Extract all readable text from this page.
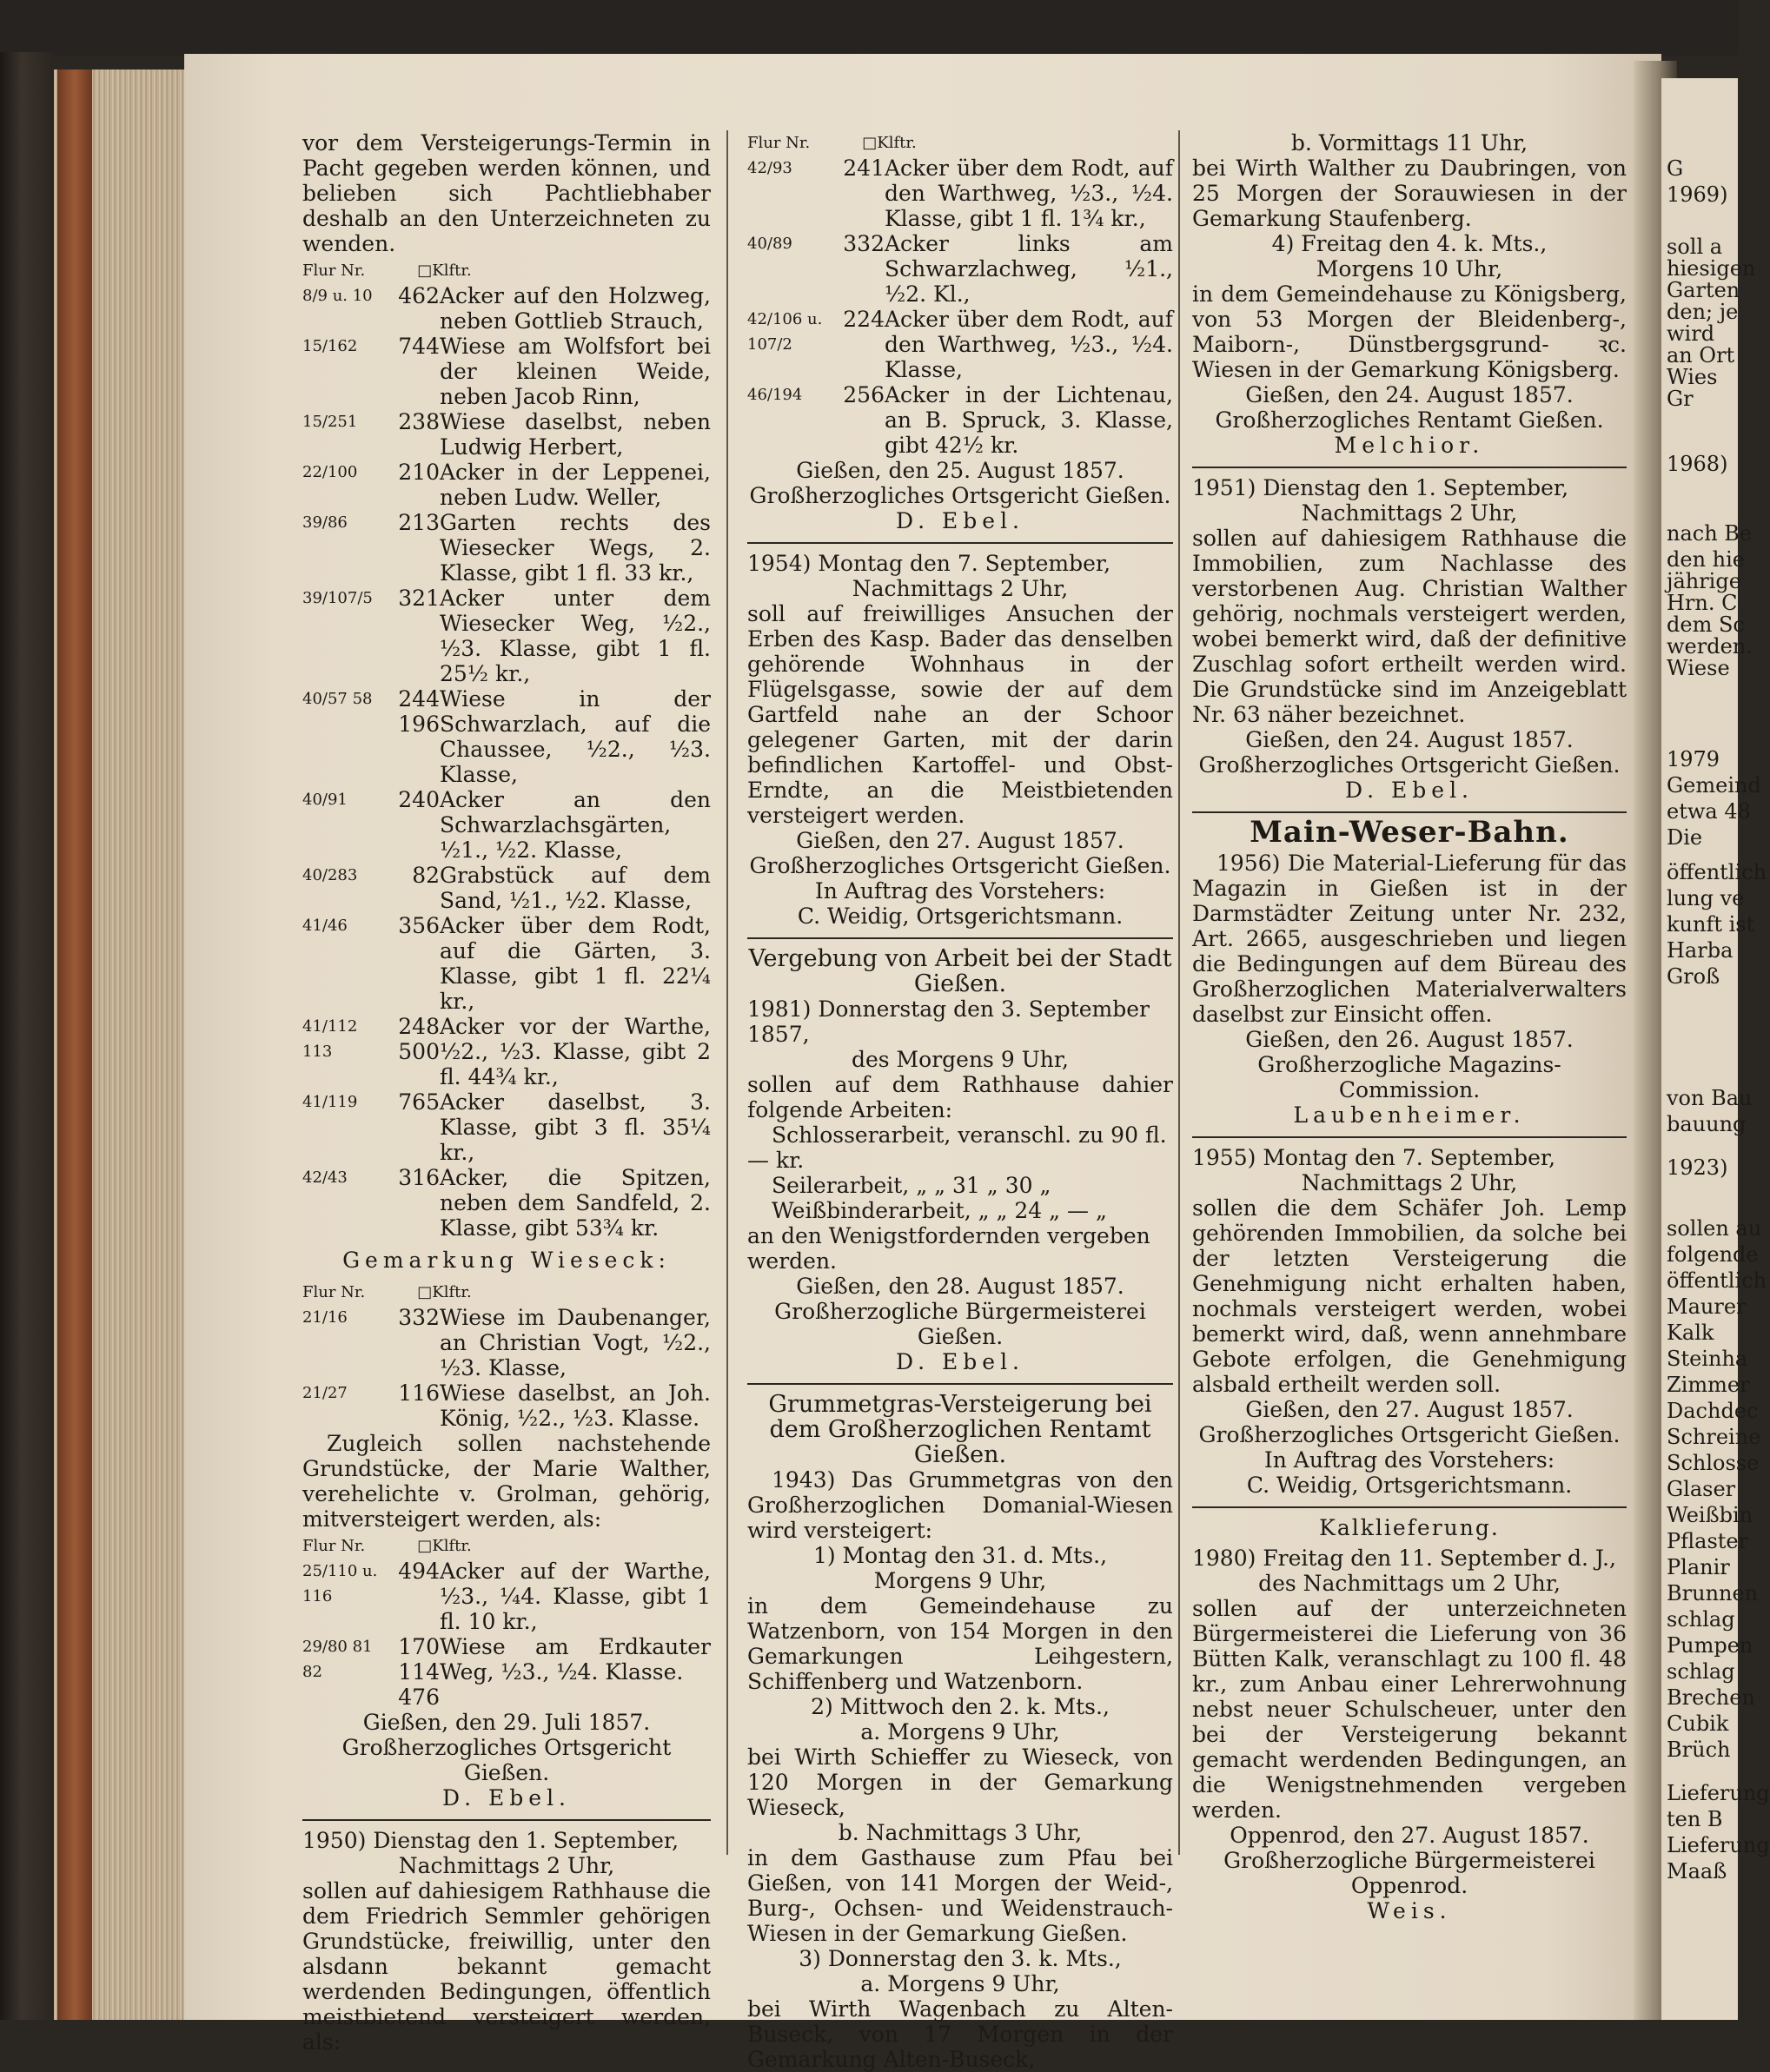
G
1969)
soll a
hiesigen
Garten
den; je
wird
an Ort
Wies
Gr
1968)
nach Be
den hie
jährige
Hrn. C
dem Sc
werden.
Wiese
1979
Gemeind
etwa 48
Die
öffentlich
lung ve
kunft ist
Harba
Groß
von Bau
bauung
1923)
sollen au
folgende
öffentlich
Maurer
Kalk
Steinha
Zimmer
Dachdec
Schreine
Schlosse
Glaser
Weißbin
Pflaster
Planir
Brunnen
schlag
Pumpen
schlag
Brechen
Cubik
Brüch
Lieferung
ten B
Lieferung
Maaß

vor dem Versteigerungs-Termin in Pacht gegeben werden können, und belieben sich Pachtliebhaber deshalb an den Unterzeichneten zu wenden.

Flur Nr.	□Klftr.
8/9 u. 10	462	Acker auf den Holzweg, neben Gottlieb Strauch,
15/162	744	Wiese am Wolfsfort bei der kleinen Weide, neben Jacob Rinn,
15/251	238	Wiese daselbst, neben Ludwig Herbert,
22/100	210	Acker in der Leppenei, neben Ludw. Weller,
39/86	213	Garten rechts des Wiesecker Wegs, 2. Klasse, gibt 1 fl. 33 kr.,
39/107/5	321	Acker unter dem Wiesecker Weg, ½2., ½3. Klasse, gibt 1 fl. 25½ kr.,
40/57 58	244 196	Wiese in der Schwarzlach, auf die Chaussee, ½2., ½3. Klasse,
40/91	240	Acker an den Schwarzlachsgärten, ½1., ½2. Klasse,
40/283	82	Grabstück auf dem Sand, ½1., ½2. Klasse,
41/46	356	Acker über dem Rodt, auf die Gärten, 3. Klasse, gibt 1 fl. 22¼ kr.,
41/112 113	248 500	Acker vor der Warthe, ½2., ½3. Klasse, gibt 2 fl. 44¾ kr.,
41/119	765	Acker daselbst, 3. Klasse, gibt 3 fl. 35¼ kr.,
42/43	316	Acker, die Spitzen, neben dem Sandfeld, 2. Klasse, gibt 53¾ kr.

Gemarkung Wieseck:

Flur Nr.	□Klftr.
21/16	332	Wiese im Daubenanger, an Christian Vogt, ½2., ½3. Klasse,
21/27	116	Wiese daselbst, an Joh. König, ½2., ½3. Klasse.

Zugleich sollen nachstehende Grundstücke, der Marie Walther, verehelichte v. Grolman, gehörig, mitversteigert werden, als:

Flur Nr.	□Klftr.
25/110 u. 116	494	Acker auf der Warthe, ½3., ¼4. Klasse, gibt 1 fl. 10 kr.,
29/80 81 82	170 114 476	Wiese am Erdkauter Weg, ½3., ½4. Klasse.

Gießen, den 29. Juli 1857.

Großherzogliches Ortsgericht Gießen.

D. Ebel.

1950) Dienstag den 1. September,

Nachmittags 2 Uhr,

sollen auf dahiesigem Rathhause die dem Friedrich Semmler gehörigen Grundstücke, freiwillig, unter den alsdann bekannt gemacht werdenden Bedingungen, öffentlich meistbietend versteigert werden, als:

Flur Nr.	□Klftr.
42/93	241	Acker über dem Rodt, auf den Warthweg, ½3., ½4. Klasse, gibt 1 fl. 1¾ kr.,
40/89	332	Acker links am Schwarzlachweg, ½1., ½2. Kl.,
42/106 u. 107/2	224	Acker über dem Rodt, auf den Warthweg, ½3., ½4. Klasse,
46/194	256	Acker in der Lichtenau, an B. Spruck, 3. Klasse, gibt 42½ kr.

Gießen, den 25. August 1857.

Großherzogliches Ortsgericht Gießen.

D. Ebel.

1954) Montag den 7. September,

Nachmittags 2 Uhr,

soll auf freiwilliges Ansuchen der Erben des Kasp. Bader das denselben gehörende Wohnhaus in der Flügelsgasse, sowie der auf dem Gartfeld nahe an der Schoor gelegener Garten, mit der darin befindlichen Kartoffel- und Obst-Erndte, an die Meistbietenden versteigert werden.

Gießen, den 27. August 1857.

Großherzogliches Ortsgericht Gießen.

In Auftrag des Vorstehers:

C. Weidig, Ortsgerichtsmann.

Vergebung von Arbeit bei der Stadt Gießen.

1981) Donnerstag den 3. September 1857,

des Morgens 9 Uhr,

sollen auf dem Rathhause dahier folgende Arbeiten:

Schlosserarbeit, veranschl. zu 90 fl. — kr.

Seilerarbeit, „ „ 31 „ 30 „

Weißbinderarbeit, „ „ 24 „ — „

an den Wenigstfordernden vergeben werden.

Gießen, den 28. August 1857.

Großherzogliche Bürgermeisterei Gießen.

D. Ebel.

Grummetgras-Versteigerung bei dem Großherzoglichen Rentamt Gießen.

1943) Das Grummetgras von den Großherzoglichen Domanial-Wiesen wird versteigert:

1) Montag den 31. d. Mts.,

Morgens 9 Uhr,

in dem Gemeindehause zu Watzenborn, von 154 Morgen in den Gemarkungen Leihgestern, Schiffenberg und Watzenborn.

2) Mittwoch den 2. k. Mts.,

a. Morgens 9 Uhr,

bei Wirth Schieffer zu Wieseck, von 120 Morgen in der Gemarkung Wieseck,

b. Nachmittags 3 Uhr,

in dem Gasthause zum Pfau bei Gießen, von 141 Morgen der Weid-, Burg-, Ochsen- und Weidenstrauch-Wiesen in der Gemarkung Gießen.

3) Donnerstag den 3. k. Mts.,

a. Morgens 9 Uhr,

bei Wirth Wagenbach zu Alten-Buseck, von 17 Morgen in der Gemarkung Alten-Buseck,

b. Vormittags 11 Uhr,

bei Wirth Walther zu Daubringen, von 25 Morgen der Sorauwiesen in der Gemarkung Staufenberg.

4) Freitag den 4. k. Mts.,

Morgens 10 Uhr,

in dem Gemeindehause zu Königsberg, von 53 Morgen der Bleidenberg-, Maiborn-, Dünstbergsgrund- ꝛc. Wiesen in der Gemarkung Königsberg.

Gießen, den 24. August 1857.

Großherzogliches Rentamt Gießen.

Melchior.

1951) Dienstag den 1. September,

Nachmittags 2 Uhr,

sollen auf dahiesigem Rathhause die Immobilien, zum Nachlasse des verstorbenen Aug. Christian Walther gehörig, nochmals versteigert werden, wobei bemerkt wird, daß der definitive Zuschlag sofort ertheilt werden wird. Die Grundstücke sind im Anzeigeblatt Nr. 63 näher bezeichnet.

Gießen, den 24. August 1857.

Großherzogliches Ortsgericht Gießen.

D. Ebel.

Main-Weser-Bahn.

1956) Die Material-Lieferung für das Magazin in Gießen ist in der Darmstädter Zeitung unter Nr. 232, Art. 2665, ausgeschrieben und liegen die Bedingungen auf dem Büreau des Großherzoglichen Materialverwalters daselbst zur Einsicht offen.

Gießen, den 26. August 1857.

Großherzogliche Magazins-Commission.

Laubenheimer.

1955) Montag den 7. September,

Nachmittags 2 Uhr,

sollen die dem Schäfer Joh. Lemp gehörenden Immobilien, da solche bei der letzten Versteigerung die Genehmigung nicht erhalten haben, nochmals versteigert werden, wobei bemerkt wird, daß, wenn annehmbare Gebote erfolgen, die Genehmigung alsbald ertheilt werden soll.

Gießen, den 27. August 1857.

Großherzogliches Ortsgericht Gießen.

In Auftrag des Vorstehers:

C. Weidig, Ortsgerichtsmann.

Kalklieferung.

1980) Freitag den 11. September d. J.,

des Nachmittags um 2 Uhr,

sollen auf der unterzeichneten Bürgermeisterei die Lieferung von 36 Bütten Kalk, veranschlagt zu 100 fl. 48 kr., zum Anbau einer Lehrerwohnung nebst neuer Schulscheuer, unter den bei der Versteigerung bekannt gemacht werdenden Bedingungen, an die Wenigstnehmenden vergeben werden.

Oppenrod, den 27. August 1857.

Großherzogliche Bürgermeisterei Oppenrod.

Weis.
